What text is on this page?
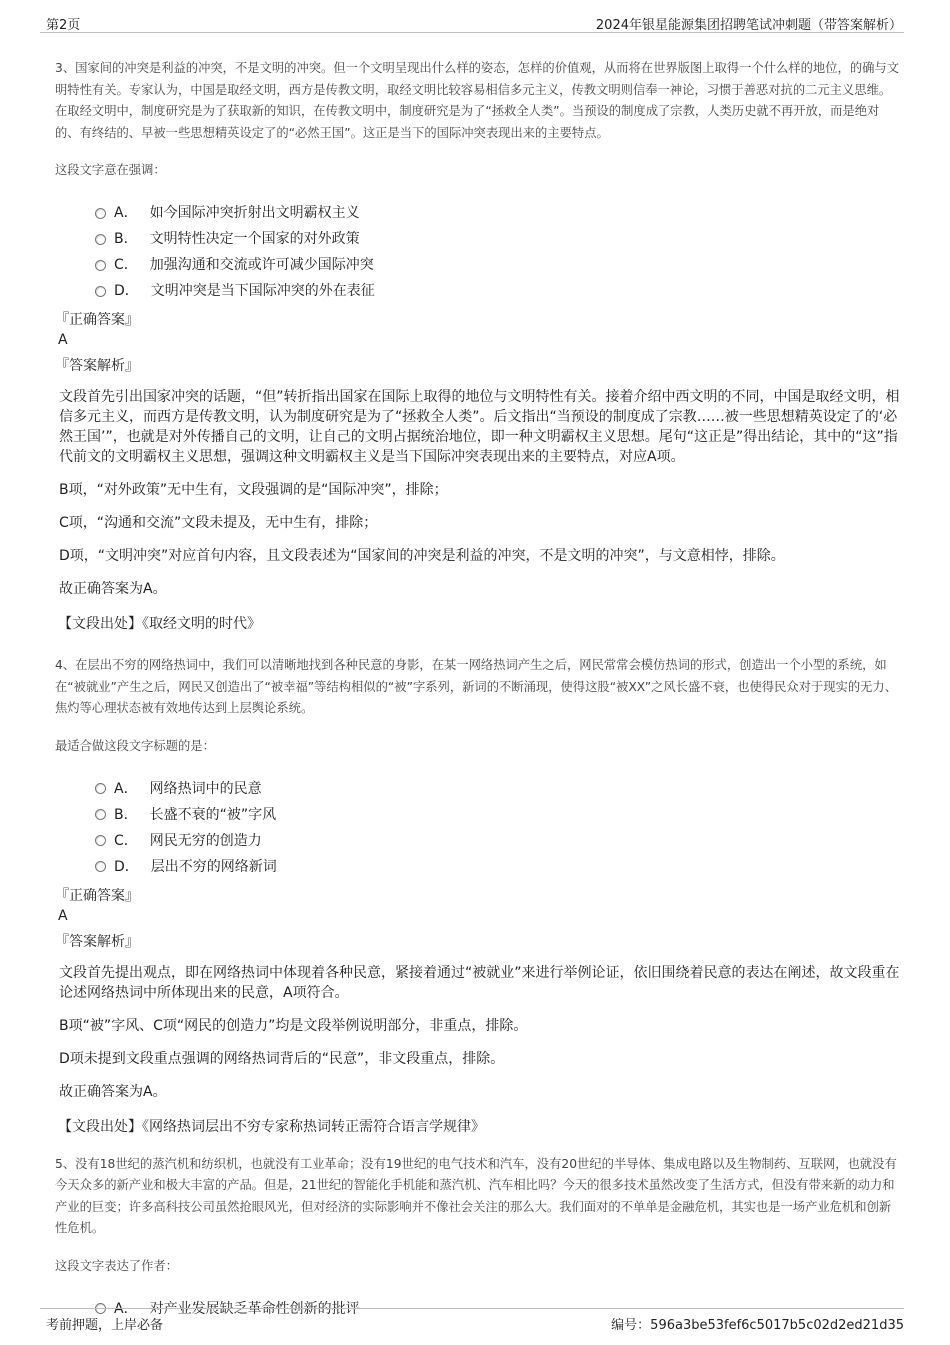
第2页	2024年银星能源集团招聘笔试冲刺题（带答案解析）

3、国家间的冲突是利益的冲突，不是文明的冲突。但一个文明呈现出什么样的姿态，怎样的价值观，从而将在世界版图上取得一个什么样的地位，的确与文明特性有关。专家认为，中国是取经文明，西方是传教文明，取经文明比较容易相信多元主义，传教文明则信奉一神论，习惯于善恶对抗的二元主义思维。在取经文明中，制度研究是为了获取新的知识，在传教文明中，制度研究是为了“拯救全人类”。当预设的制度成了宗教，人类历史就不再开放，而是绝对的、有终结的、早被一些思想精英设定了的“必然王国”。这正是当下的国际冲突表现出来的主要特点。

这段文字意在强调：
A． 如今国际冲突折射出文明霸权主义
B． 文明特性决定一个国家的对外政策
C． 加强沟通和交流或许可减少国际冲突
D． 文明冲突是当下国际冲突的外在表征
『正确答案』
A
『答案解析』

文段首先引出国家冲突的话题，“但”转折指出国家在国际上取得的地位与文明特性有关。接着介绍中西文明的不同，中国是取经文明，相信多元主义，而西方是传教文明，认为制度研究是为了“拯救全人类”。后文指出“当预设的制度成了宗教……被一些思想精英设定了的‘必然王国’”，也就是对外传播自己的文明，让自己的文明占据统治地位，即一种文明霸权主义思想。尾句“这正是”得出结论，其中的“这”指代前文的文明霸权主义思想，强调这种文明霸权主义是当下国际冲突表现出来的主要特点，对应A项。

B项，“对外政策”无中生有，文段强调的是“国际冲突”，排除；

C项，“沟通和交流”文段未提及，无中生有，排除；

D项，“文明冲突”对应首句内容，且文段表述为“国家间的冲突是利益的冲突，不是文明的冲突”，与文意相悖，排除。

故正确答案为A。

【文段出处】《取经文明的时代》

4、在层出不穷的网络热词中，我们可以清晰地找到各种民意的身影，在某一网络热词产生之后，网民常常会模仿热词的形式，创造出一个小型的系统，如在“被就业”产生之后，网民又创造出了“被幸福”等结构相似的“被”字系列，新词的不断涌现，使得这股“被XX”之风长盛不衰，也使得民众对于现实的无力、焦灼等心理状态被有效地传达到上层舆论系统。

最适合做这段文字标题的是：
A． 网络热词中的民意
B． 长盛不衰的“被”字风
C． 网民无穷的创造力
D． 层出不穷的网络新词
『正确答案』
A
『答案解析』

文段首先提出观点，即在网络热词中体现着各种民意，紧接着通过“被就业”来进行举例论证，依旧围绕着民意的表达在阐述，故文段重在论述网络热词中所体现出来的民意，A项符合。

B项“被”字风、C项“网民的创造力”均是文段举例说明部分，非重点，排除。

D项未提到文段重点强调的网络热词背后的“民意”，非文段重点，排除。

故正确答案为A。

【文段出处】《网络热词层出不穷专家称热词转正需符合语言学规律》

5、没有18世纪的蒸汽机和纺织机，也就没有工业革命；没有19世纪的电气技术和汽车，没有20世纪的半导体、集成电路以及生物制药、互联网，也就没有今天众多的新产业和极大丰富的产品。但是，21世纪的智能化手机能和蒸汽机、汽车相比吗？今天的很多技术虽然改变了生活方式，但没有带来新的动力和产业的巨变；许多高科技公司虽然抢眼风光，但对经济的实际影响并不像社会关注的那么大。我们面对的不单单是金融危机，其实也是一场产业危机和创新性危机。

这段文字表达了作者：
A． 对产业发展缺乏革命性创新的批评
考前押题，上岸必备	编号：596a3be53fef6c5017b5c02d2ed21d35
